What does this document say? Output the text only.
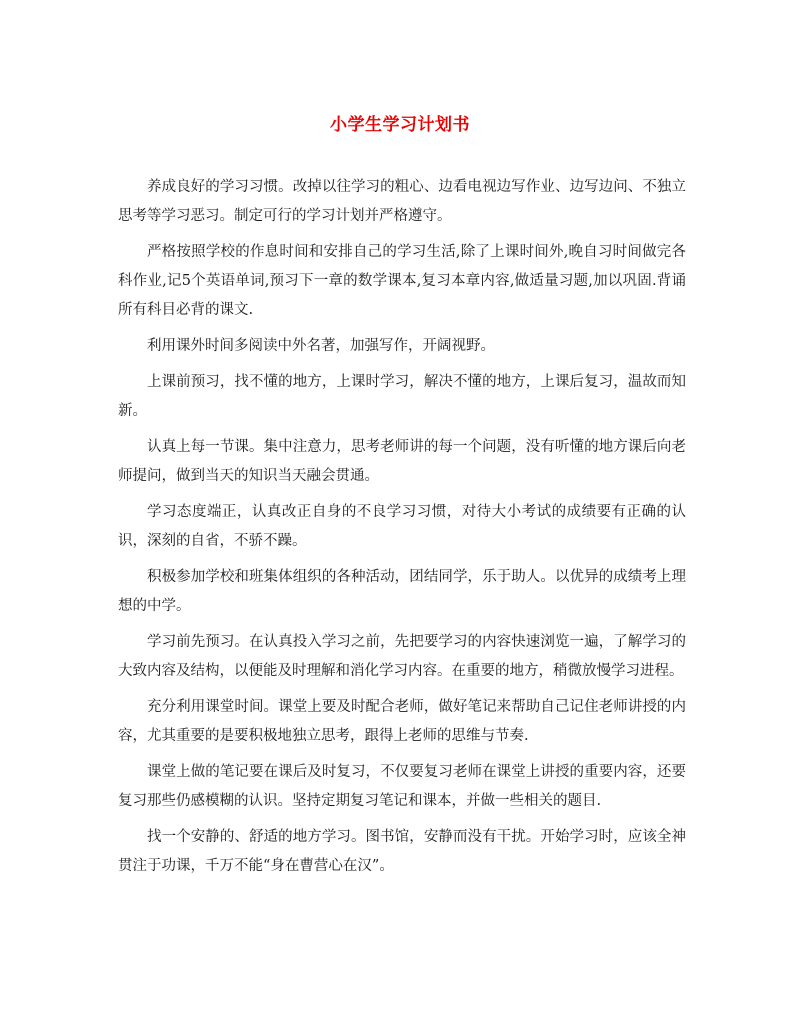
小学生学习计划书

养成良好的学习习惯。改掉以往学习的粗心、边看电视边写作业、边写边问、不独立思考等学习恶习。制定可行的学习计划并严格遵守。

严格按照学校的作息时间和安排自己的学习生活,除了上课时间外,晚自习时间做完各科作业,记5个英语单词,预习下一章的数学课本,复习本章内容,做适量习题,加以巩固.背诵所有科目必背的课文.

利用课外时间多阅读中外名著，加强写作，开阔视野。

上课前预习，找不懂的地方，上课时学习，解决不懂的地方，上课后复习，温故而知新。

认真上每一节课。集中注意力，思考老师讲的每一个问题，没有听懂的地方课后向老师提问，做到当天的知识当天融会贯通。

学习态度端正，认真改正自身的不良学习习惯，对待大小考试的成绩要有正确的认识，深刻的自省，不骄不躁。

积极参加学校和班集体组织的各种活动，团结同学，乐于助人。以优异的成绩考上理想的中学。

学习前先预习。在认真投入学习之前，先把要学习的内容快速浏览一遍，了解学习的大致内容及结构，以便能及时理解和消化学习内容。在重要的地方，稍微放慢学习进程。

充分利用课堂时间。课堂上要及时配合老师，做好笔记来帮助自己记住老师讲授的内容，尤其重要的是要积极地独立思考，跟得上老师的思维与节奏.

课堂上做的笔记要在课后及时复习，不仅要复习老师在课堂上讲授的重要内容，还要复习那些仍感模糊的认识。坚持定期复习笔记和课本，并做一些相关的题目.

找一个安静的、舒适的地方学习。图书馆，安静而没有干扰。开始学习时，应该全神贯注于功课，千万不能“身在曹营心在汉”。
